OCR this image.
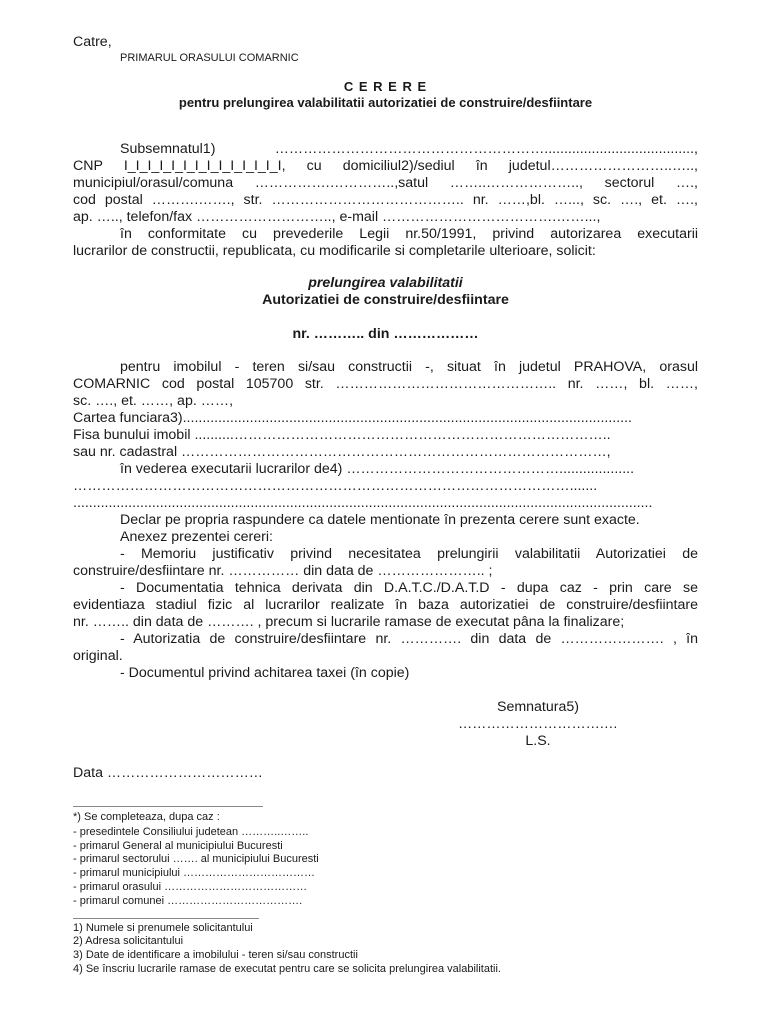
Catre,
PRIMARUL ORASULUI COMARNIC
C E R E R E
pentru prelungirea valabilitatii autorizatiei de construire/desfiintare
Subsemnatul1) …………………………………………………......................................,
CNP I_I_I_I_I_I_I_I_I_I_I_I_I_I, cu domiciliul2)/sediul în judetul……………………..…..,
municipiul/orasul/comuna …………….…………..,satul ……..……………….., sectorul ….,
cod postal ……….……., str. ………………………………….. nr. ……,bl. …..., sc. …., et. ….,
ap. ….., telefon/fax ……………………….., e-mail ……………………………….……...,
în conformitate cu prevederile Legii nr.50/1991, privind autorizarea executarii
lucrarilor de constructii, republicata, cu modificarile si completarile ulterioare, solicit:
prelungirea valabilitatii
Autorizatiei de construire/desfiintare
nr. ……….. din ………………
pentru imobilul - teren si/sau constructii -, situat în judetul PRAHOVA, orasul
COMARNIC cod postal 105700 str. ……………………………………….. nr. ……, bl. ……,
sc. …., et. ……, ap. ……,
Cartea funciara3)..................................................................................................................
Fisa bunului imobil ..........……………………………………………………………………..
sau nr. cadastral ………………………………………………………………………………,
în vederea executarii lucrarilor de4) ………………………………………...................
…………………………………………………………………………………………….......
...................................................................................................................................................
Declar pe propria raspundere ca datele mentionate în prezenta cerere sunt exacte.
Anexez prezentei cereri:
- Memoriu justificativ privind necesitatea prelungirii valabilitatii Autorizatiei de
construire/desfiintare nr. …………… din data de ………………….. ;
- Documentatia tehnica derivata din D.A.T.C./D.A.T.D - dupa caz - prin care se
evidentiaza stadiul fizic al lucrarilor realizate în baza autorizatiei de construire/desfiintare
nr. …….. din data de ………. , precum si lucrarile ramase de executat pâna la finalizare;
- Autorizatia de construire/desfiintare nr. …………. din data de …………………. , în
original.
- Documentul privind achitarea taxei (în copie)
Semnatura5)
………………………….…
L.S.
Data ……………………………
*) Se completeaza, dupa caz :
- presedintele Consiliului judetean ………..……..
- primarul General al municipiului Bucuresti
- primarul sectorului ……. al municipiului Bucuresti
- primarul municipiului ………………………………
- primarul orasului …………………………………
- primarul comunei ……………………………….
1) Numele si prenumele solicitantului
2) Adresa solicitantului
3) Date de identificare a imobilului - teren si/sau constructii
4) Se înscriu lucrarile ramase de executat pentru care se solicita prelungirea valabilitatii.
